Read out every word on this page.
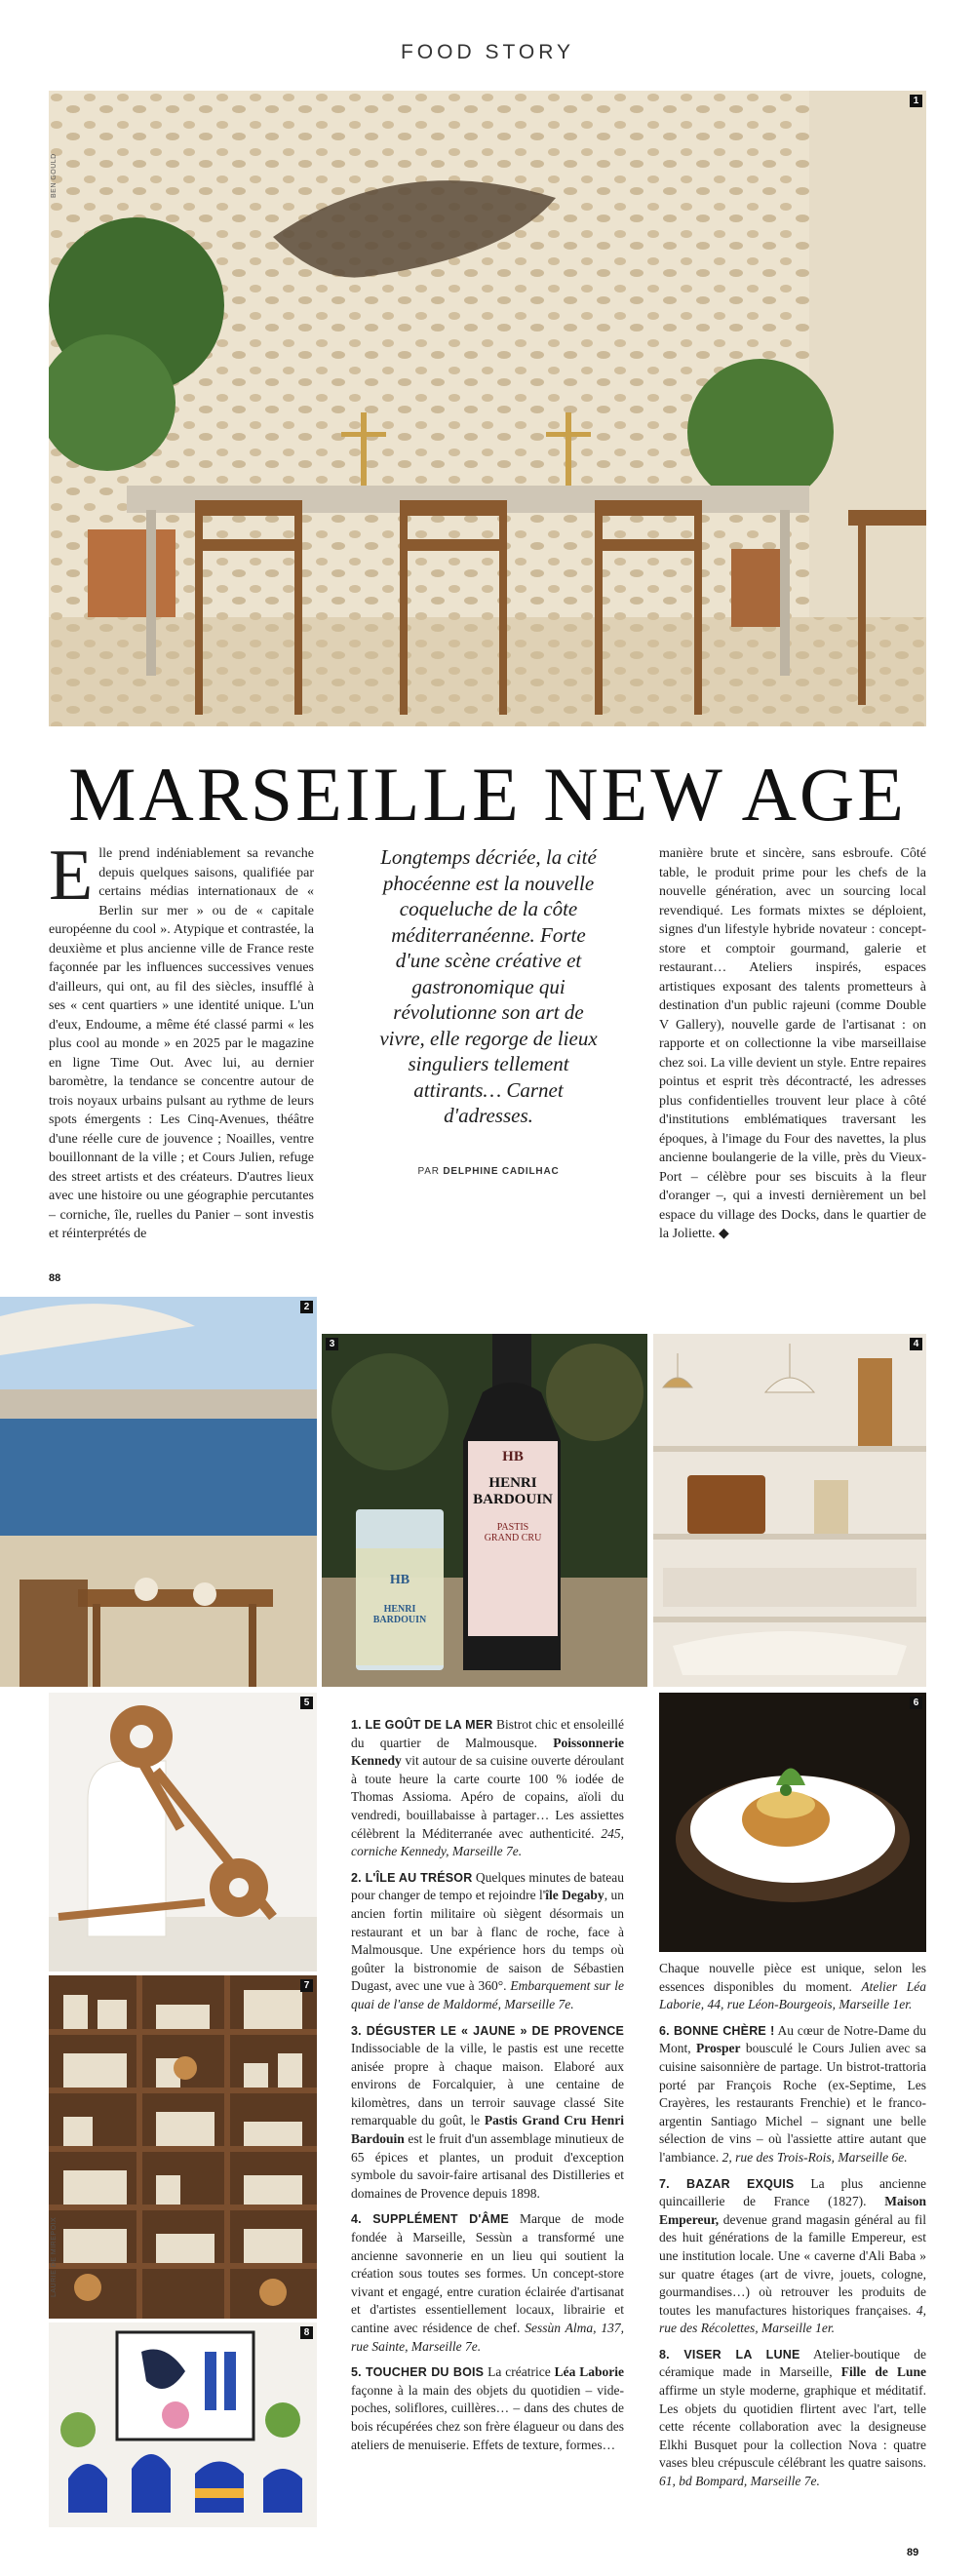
FOOD STORY
1
BEN GOULD
MARSEILLE NEW AGE
Elle prend indéniablement sa revanche depuis quelques saisons, qualifiée par certains médias internationaux de « Berlin sur mer » ou de « capitale européenne du cool ». Atypique et contrastée, la deuxième et plus ancienne ville de France reste façonnée par les influences successives venues d'ailleurs, qui ont, au fil des siècles, insufflé à ses « cent quartiers » une identité unique. L'un d'eux, Endoume, a même été classé parmi « les plus cool au monde » en 2025 par le magazine en ligne Time Out. Avec lui, au dernier baromètre, la tendance se concentre autour de trois noyaux urbains pulsant au rythme de leurs spots émergents : Les Cinq-Avenues, théâtre d'une réelle cure de jouvence ; Noailles, ventre bouillonnant de la ville ; et Cours Julien, refuge des street artists et des créateurs. D'autres lieux avec une histoire ou une géographie percutantes – corniche, île, ruelles du Panier – sont investis et réinterprétés de
Longtemps décriée, la cité phocéenne est la nouvelle coqueluche de la côte méditerranéenne. Forte d'une scène créative et gastronomique qui révolutionne son art de vivre, elle regorge de lieux singuliers tellement attirants… Carnet d'adresses.
PAR DELPHINE CADILHAC
manière brute et sincère, sans esbroufe. Côté table, le produit prime pour les chefs de la nouvelle génération, avec un sourcing local revendiqué. Les formats mixtes se déploient, signes d'un lifestyle hybride novateur : concept-store et comptoir gourmand, galerie et restaurant… Ateliers inspirés, espaces artistiques exposant des talents prometteurs à destination d'un public rajeuni (comme Double V Gallery), nouvelle garde de l'artisanat : on rapporte et on collectionne la vibe marseillaise chez soi. La ville devient un style. Entre repaires pointus et esprit très décontracté, les adresses plus confidentielles trouvent leur place à côté d'institutions emblématiques traversant les époques, à l'image du Four des navettes, la plus ancienne boulangerie de la ville, près du Vieux-Port – célèbre pour ses biscuits à la fleur d'oranger –, qui a investi dernièrement un bel espace du village des Docks, dans le quartier de la Joliette. ◆
88
2
HB
HENRI
BARDOUIN
PASTIS
GRAND CRU
HB
HENRI
BARDOUIN
3	4
5
7
LAURIE DE MIREPOIX
8
6

1. LE GOÛT DE LA MER Bistrot chic et ensoleillé du quartier de Malmousque. Poissonnerie Kennedy vit autour de sa cuisine ouverte déroulant à toute heure la carte courte 100 % iodée de Thomas Assioma. Apéro de copains, aïoli du vendredi, bouillabaisse à partager… Les assiettes célèbrent la Méditerranée avec authenticité. 245, corniche Kennedy, Marseille 7e.

2. L'ÎLE AU TRÉSOR Quelques minutes de bateau pour changer de tempo et rejoindre l'île Degaby, un ancien fortin militaire où siègent désormais un restaurant et un bar à flanc de roche, face à Malmousque. Une expérience hors du temps où goûter la bistronomie de saison de Sébastien Dugast, avec une vue à 360°. Embarquement sur le quai de l'anse de Maldormé, Marseille 7e.

3. DÉGUSTER LE « JAUNE » DE PROVENCE Indissociable de la ville, le pastis est une recette anisée propre à chaque maison. Elaboré aux environs de Forcalquier, à une centaine de kilomètres, dans un terroir sauvage classé Site remarquable du goût, le Pastis Grand Cru Henri Bardouin est le fruit d'un assemblage minutieux de 65 épices et plantes, un produit d'exception symbole du savoir-faire artisanal des Distilleries et domaines de Provence depuis 1898.

4. SUPPLÉMENT D'ÂME Marque de mode fondée à Marseille, Sessùn a transformé une ancienne savonnerie en un lieu qui soutient la création sous toutes ses formes. Un concept-store vivant et engagé, entre curation éclairée d'artisanat et d'artistes essentiellement locaux, librairie et cantine avec résidence de chef. Sessùn Alma, 137, rue Sainte, Marseille 7e.

5. TOUCHER DU BOIS La créatrice Léa Laborie façonne à la main des objets du quotidien – vide-poches, soliflores, cuillères… – dans des chutes de bois récupérées chez son frère élagueur ou dans des ateliers de menuiserie. Effets de texture, formes…

Chaque nouvelle pièce est unique, selon les essences disponibles du moment. Atelier Léa Laborie, 44, rue Léon-Bourgeois, Marseille 1er.

6. BONNE CHÈRE ! Au cœur de Notre-Dame du Mont, Prosper bousculé le Cours Julien avec sa cuisine saisonnière de partage. Un bistrot-trattoria porté par François Roche (ex-Septime, Les Crayères, les restaurants Frenchie) et le franco-argentin Santiago Michel – signant une belle sélection de vins – où l'assiette attire autant que l'ambiance. 2, rue des Trois-Rois, Marseille 6e.

7. BAZAR EXQUIS La plus ancienne quincaillerie de France (1827). Maison Empereur, devenue grand magasin général au fil des huit générations de la famille Empereur, est une institution locale. Une « caverne d'Ali Baba » sur quatre étages (art de vivre, jouets, cologne, gourmandises…) où retrouver les produits de toutes les manufactures historiques françaises. 4, rue des Récolettes, Marseille 1er.

8. VISER LA LUNE Atelier-boutique de céramique made in Marseille, Fille de Lune affirme un style moderne, graphique et méditatif. Les objets du quotidien flirtent avec l'art, telle cette récente collaboration avec la designeuse Elkhi Busquet pour la collection Nova : quatre vases bleu crépuscule célébrant les quatre saisons. 61, bd Bompard, Marseille 7e.

89
